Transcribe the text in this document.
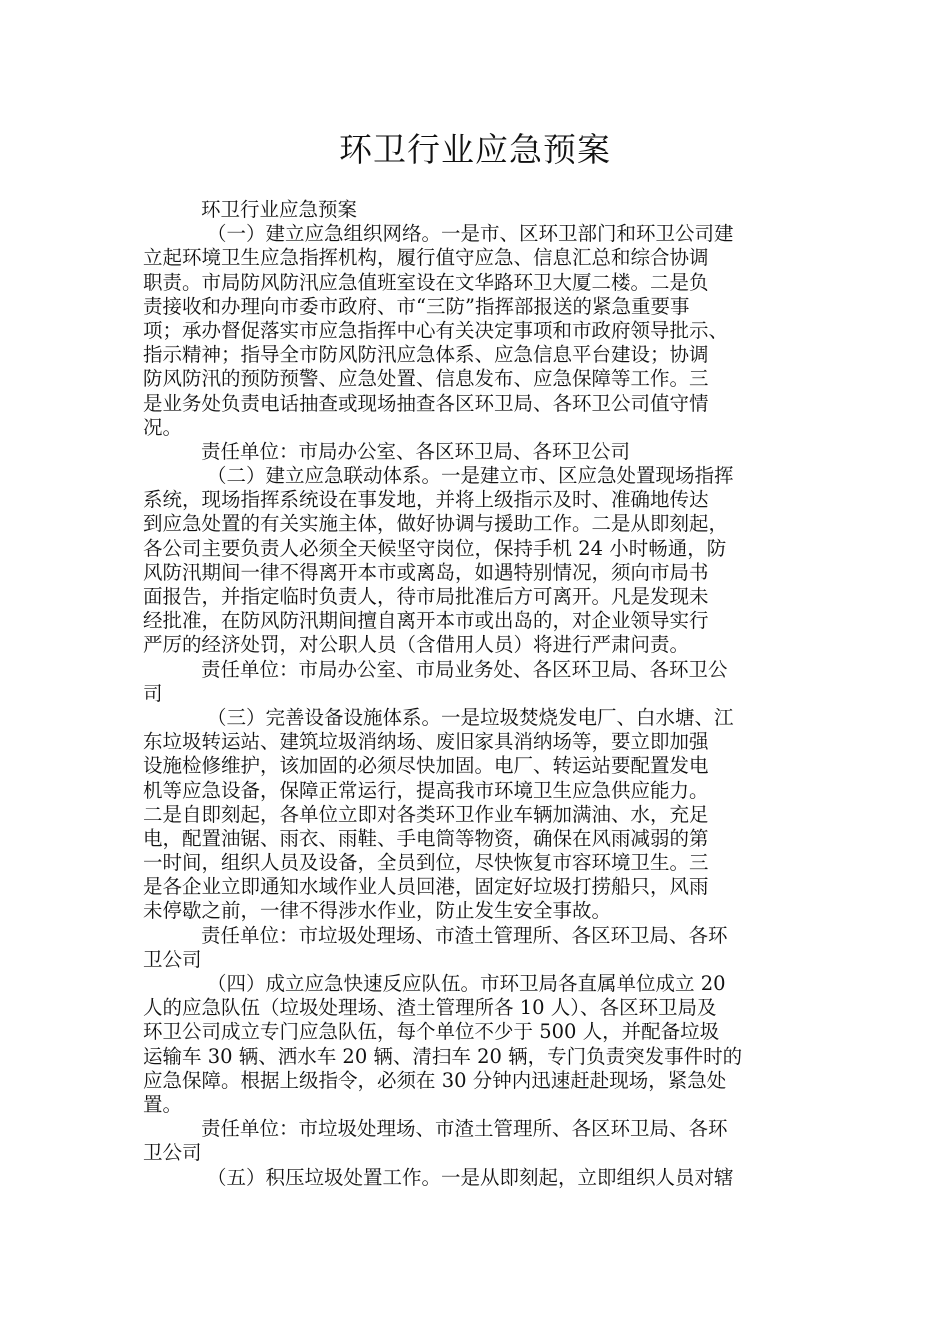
环卫行业应急预案
环卫行业应急预案
（一）建立应急组织网络。一是市、区环卫部门和环卫公司建
立起环境卫生应急指挥机构，履行值守应急、信息汇总和综合协调
职责。市局防风防汛应急值班室设在文华路环卫大厦二楼。二是负
责接收和办理向市委市政府、市“三防”指挥部报送的紧急重要事
项；承办督促落实市应急指挥中心有关决定事项和市政府领导批示、
指示精神；指导全市防风防汛应急体系、应急信息平台建设；协调
防风防汛的预防预警、应急处置、信息发布、应急保障等工作。三
是业务处负责电话抽查或现场抽查各区环卫局、各环卫公司值守情
况。
责任单位：市局办公室、各区环卫局、各环卫公司
（二）建立应急联动体系。一是建立市、区应急处置现场指挥
系统，现场指挥系统设在事发地，并将上级指示及时、准确地传达
到应急处置的有关实施主体，做好协调与援助工作。二是从即刻起，
各公司主要负责人必须全天候坚守岗位，保持手机 24 小时畅通，防
风防汛期间一律不得离开本市或离岛，如遇特别情况，须向市局书
面报告，并指定临时负责人，待市局批准后方可离开。凡是发现未
经批准，在防风防汛期间擅自离开本市或出岛的，对企业领导实行
严厉的经济处罚，对公职人员（含借用人员）将进行严肃问责。
责任单位：市局办公室、市局业务处、各区环卫局、各环卫公
司
（三）完善设备设施体系。一是垃圾焚烧发电厂、白水塘、江
东垃圾转运站、建筑垃圾消纳场、废旧家具消纳场等，要立即加强
设施检修维护，该加固的必须尽快加固。电厂、转运站要配置发电
机等应急设备，保障正常运行，提高我市环境卫生应急供应能力。
二是自即刻起，各单位立即对各类环卫作业车辆加满油、水，充足
电，配置油锯、雨衣、雨鞋、手电筒等物资，确保在风雨减弱的第
一时间，组织人员及设备，全员到位，尽快恢复市容环境卫生。三
是各企业立即通知水域作业人员回港，固定好垃圾打捞船只，风雨
未停歇之前，一律不得涉水作业，防止发生安全事故。
责任单位：市垃圾处理场、市渣土管理所、各区环卫局、各环
卫公司
（四）成立应急快速反应队伍。市环卫局各直属单位成立 20
人的应急队伍（垃圾处理场、渣土管理所各 10 人）、各区环卫局及
环卫公司成立专门应急队伍，每个单位不少于 500 人，并配备垃圾
运输车 30 辆、洒水车 20 辆、清扫车 20 辆，专门负责突发事件时的
应急保障。根据上级指令，必须在 30 分钟内迅速赶赴现场，紧急处
置。
责任单位：市垃圾处理场、市渣土管理所、各区环卫局、各环
卫公司
（五）积压垃圾处置工作。一是从即刻起，立即组织人员对辖
